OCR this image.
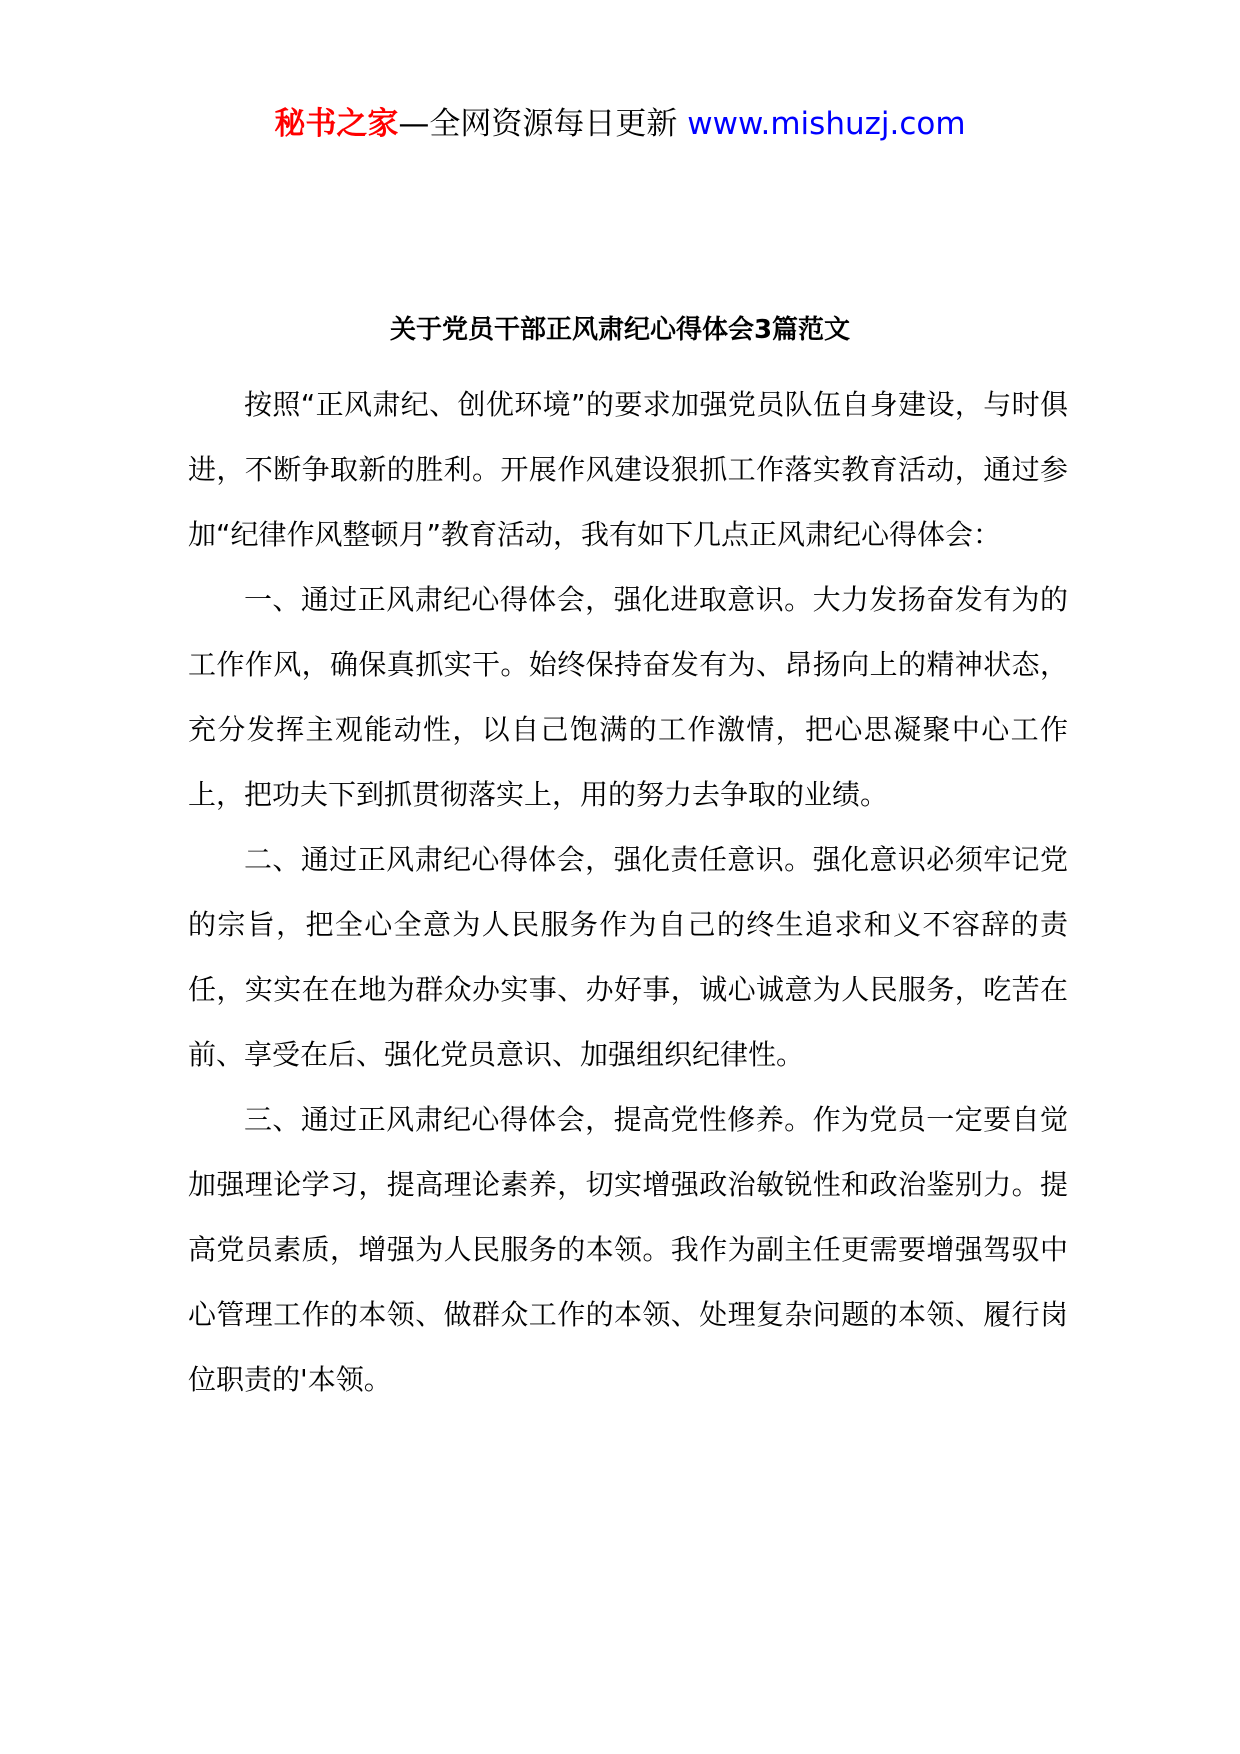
秘书之家—全网资源每日更新 www.mishuzj.com
关于党员干部正风肃纪心得体会3篇范文

按照“正风肃纪、创优环境”的要求加强党员队伍自身建设，与时俱进，不断争取新的胜利。开展作风建设狠抓工作落实教育活动，通过参加“纪律作风整顿月”教育活动，我有如下几点正风肃纪心得体会：

一、通过正风肃纪心得体会，强化进取意识。大力发扬奋发有为的工作作风，确保真抓实干。始终保持奋发有为、昂扬向上的精神状态，充分发挥主观能动性，以自己饱满的工作激情，把心思凝聚中心工作上，把功夫下到抓贯彻落实上，用的努力去争取的业绩。

二、通过正风肃纪心得体会，强化责任意识。强化意识必须牢记党的宗旨，把全心全意为人民服务作为自己的终生追求和义不容辞的责任，实实在在地为群众办实事、办好事，诚心诚意为人民服务，吃苦在前、享受在后、强化党员意识、加强组织纪律性。

三、通过正风肃纪心得体会，提高党性修养。作为党员一定要自觉加强理论学习，提高理论素养，切实增强政治敏锐性和政治鉴别力。提高党员素质，增强为人民服务的本领。我作为副主任更需要增强驾驭中心管理工作的本领、做群众工作的本领、处理复杂问题的本领、履行岗位职责的'本领。
